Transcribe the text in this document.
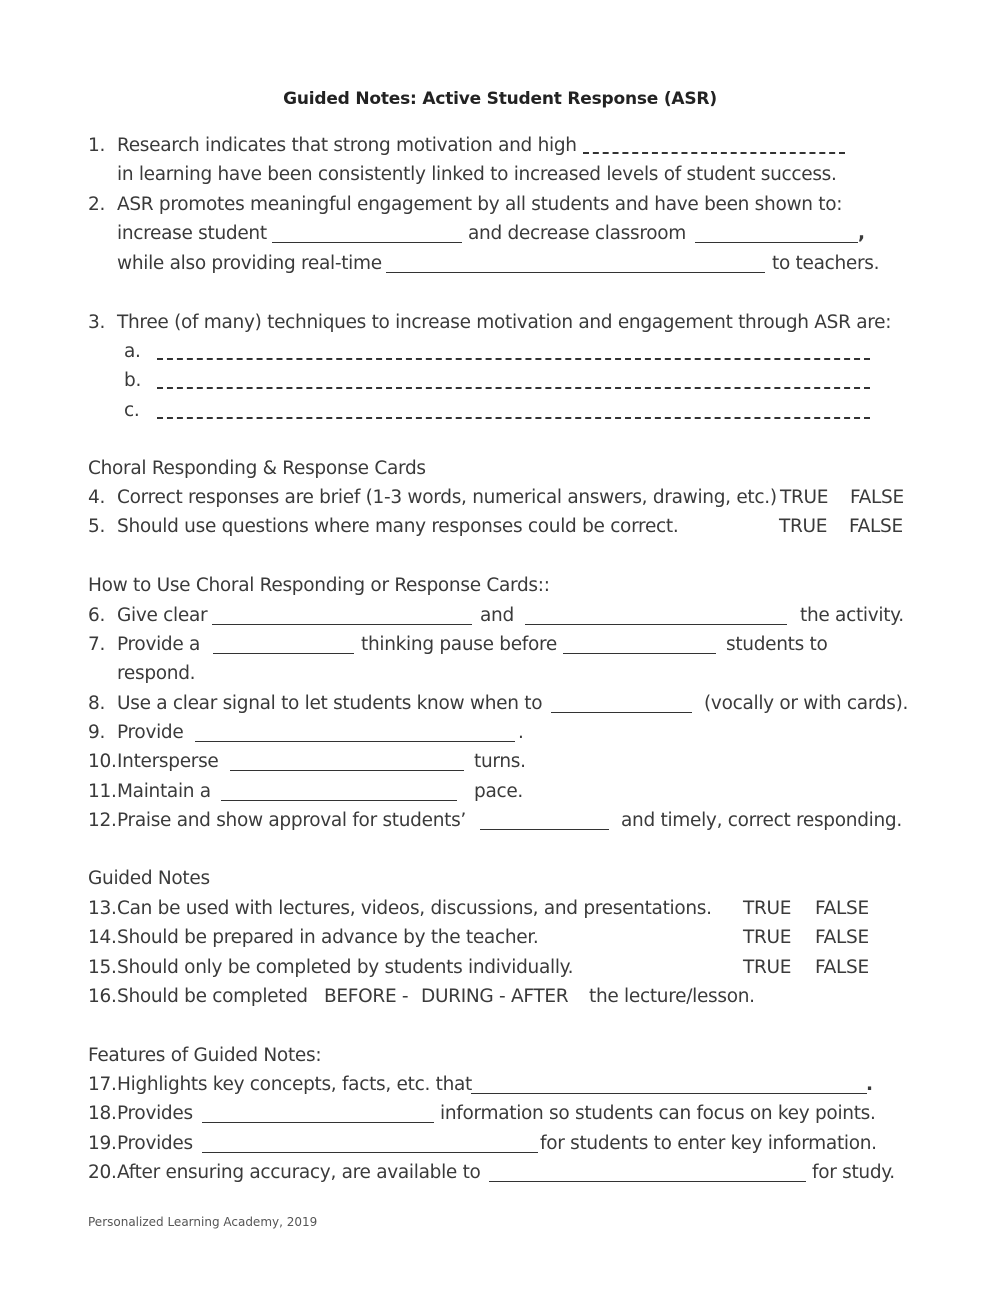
Guided Notes: Active Student Response (ASR)
1. Research indicates that strong motivation and high
in learning have been consistently linked to increased levels of student success.
2. ASR promotes meaningful engagement by all students and have been shown to:
increase student	and decrease classroom	,
while also providing real-time	to teachers.
3. Three (of many) techniques to increase motivation and engagement through ASR are:
a.
b.
c.
Choral Responding & Response Cards
4. Correct responses are brief (1-3 words, numerical answers, drawing, etc.) TRUE FALSE
5. Should use questions where many responses could be correct.	TRUE FALSE
How to Use Choral Responding or Response Cards::
6. Give clear	and	the activity.
7. Provide a	thinking pause before	students to
respond.
8. Use a clear signal to let students know when to	(vocally or with cards).
9. Provide	.
10. Intersperse	turns.
11. Maintain a	pace.
12. Praise and show approval for students’	and timely, correct responding.
Guided Notes
13. Can be used with lectures, videos, discussions, and presentations. TRUE FALSE
14. Should be prepared in advance by the teacher.	TRUE FALSE
15. Should only be completed by students individually.	TRUE FALSE
16. Should be completed BEFORE - DURING - AFTER the lecture/lesson.
Features of Guided Notes:
17. Highlights key concepts, facts, etc. that	.
18. Provides	information so students can focus on key points.
19. Provides	for students to enter key information.
20. After ensuring accuracy, are available to	for study.
Personalized Learning Academy, 2019
